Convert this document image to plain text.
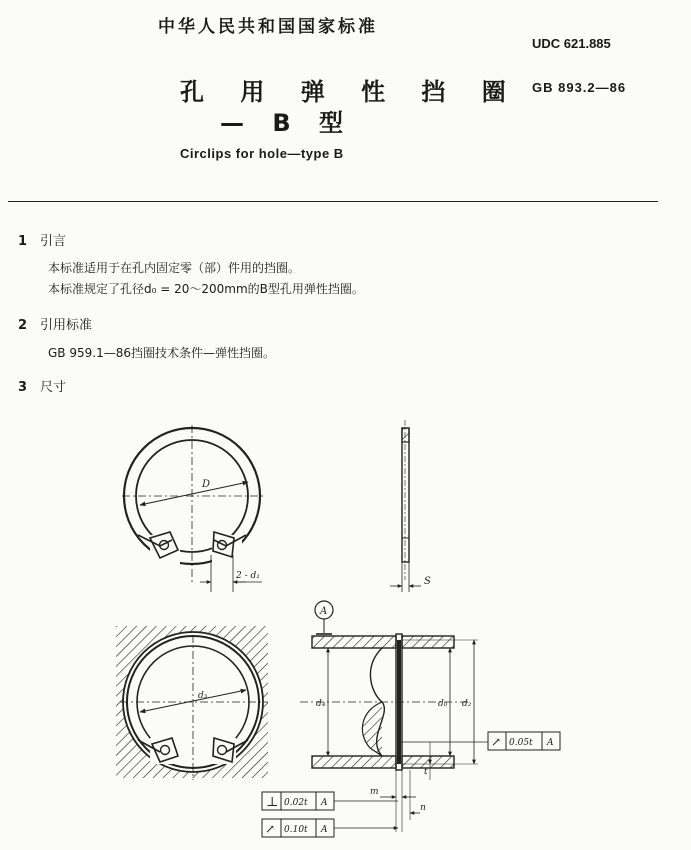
中华人民共和国国家标准
UDC 621.885
孔 用 弹 性 挡 圈 GB 893.2—86
— B 型
Circlips for hole—type B
1 引言
本标准适用于在孔内固定零（部）件用的挡圈。
本标准规定了孔径d₀ = 20～200mm的B型孔用弹性挡圈。
2 引用标准
GB 959.1—86挡圈技术条件—弹性挡圈。
3 尺寸
D
2 - d₁	S
d₃
A
d₄	d₀ d₂
t
m
n
↗ 0.05t A
⊥ 0.02t A
↗ 0.10t A
